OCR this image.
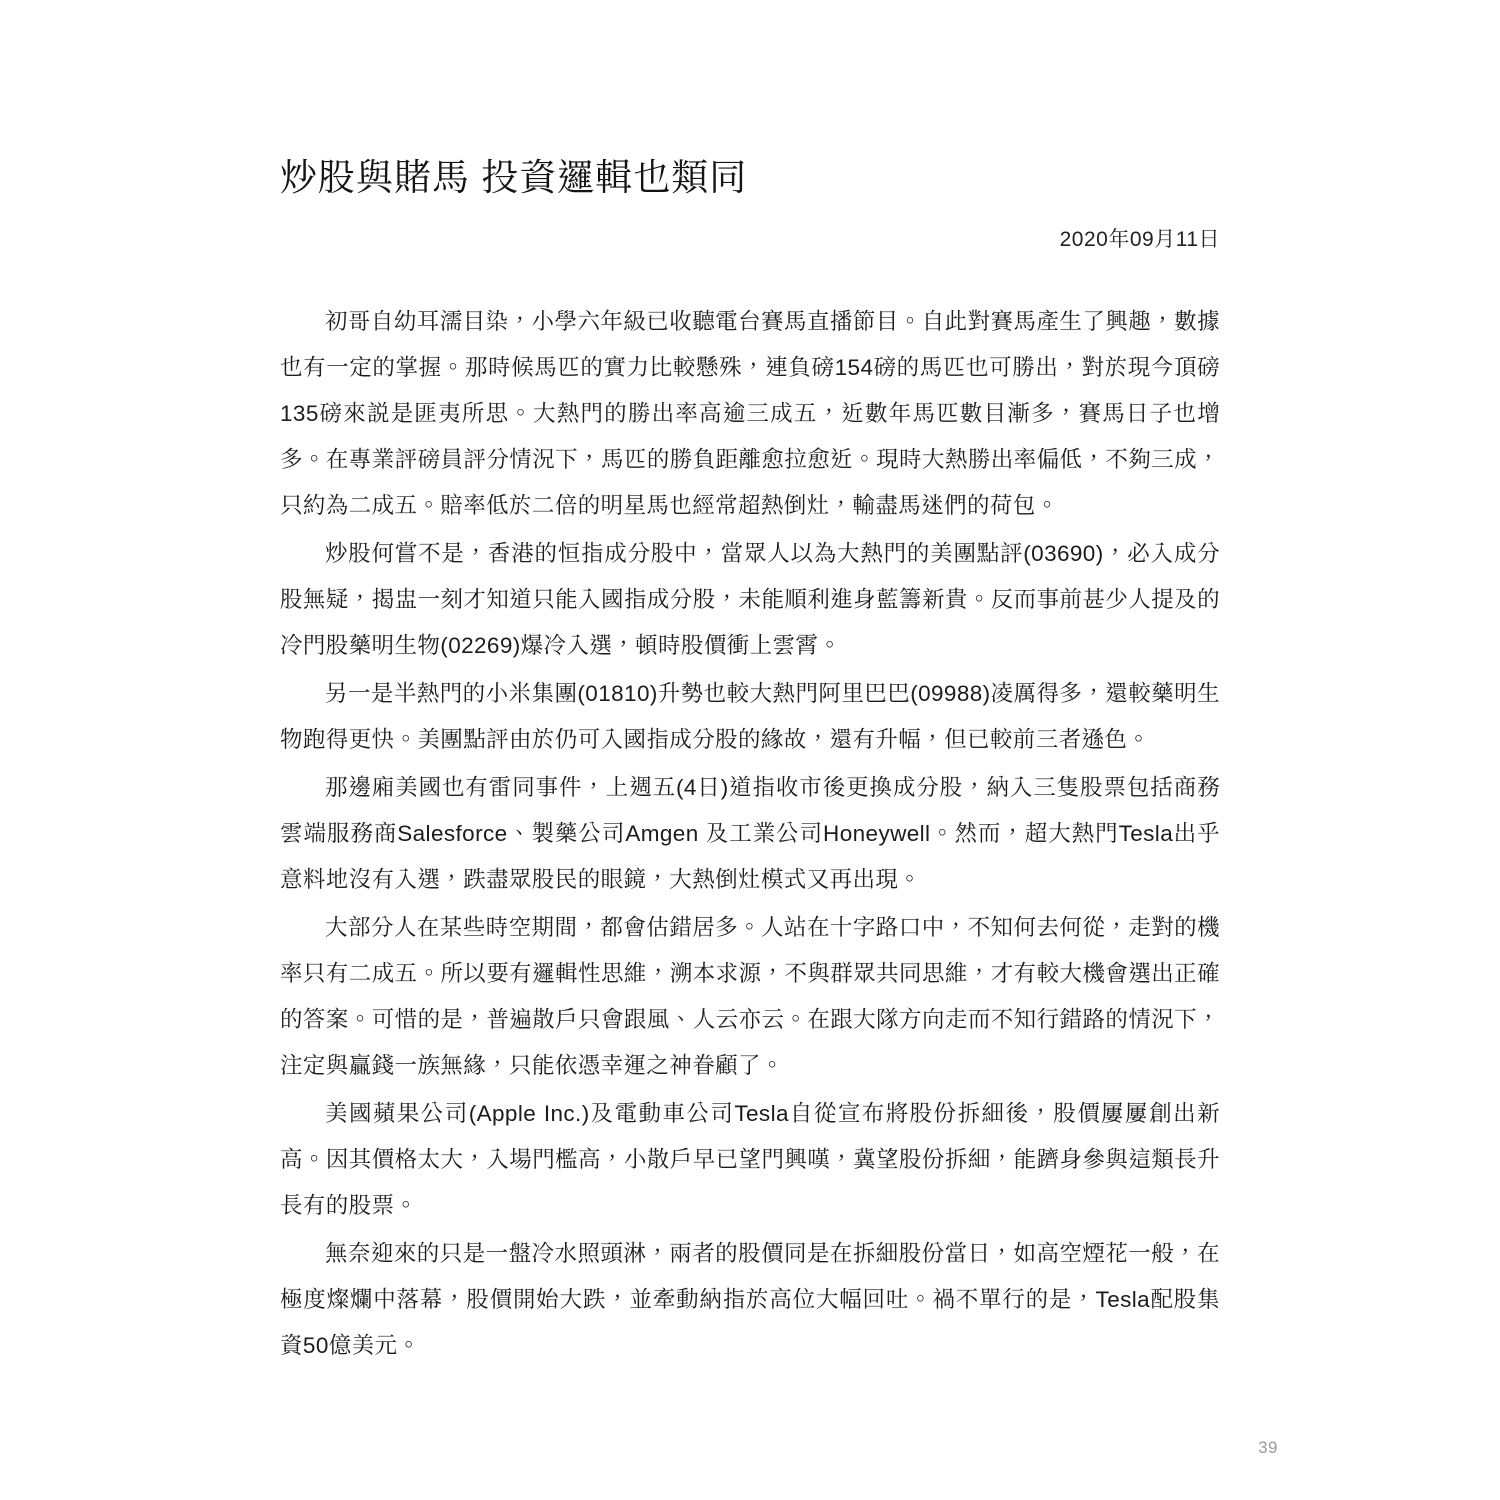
炒股與賭馬 投資邏輯也類同
2020年09月11日

初哥自幼耳濡目染，小學六年級已收聽電台賽馬直播節目。自此對賽馬產生了興趣，數據也有一定的掌握。那時候馬匹的實力比較懸殊，連負磅154磅的馬匹也可勝出，對於現今頂磅135磅來説是匪夷所思。大熱門的勝出率高逾三成五，近數年馬匹數目漸多，賽馬日子也增多。在專業評磅員評分情況下，馬匹的勝負距離愈拉愈近。現時大熱勝出率偏低，不夠三成，只約為二成五。賠率低於二倍的明星馬也經常超熱倒灶，輸盡馬迷們的荷包。

炒股何嘗不是，香港的恒指成分股中，當眾人以為大熱門的美團點評(03690)，必入成分股無疑，揭盅一刻才知道只能入國指成分股，未能順利進身藍籌新貴。反而事前甚少人提及的冷門股藥明生物(02269)爆冷入選，頓時股價衝上雲霄。

另一是半熱門的小米集團(01810)升勢也較大熱門阿里巴巴(09988)凌厲得多，還較藥明生物跑得更快。美團點評由於仍可入國指成分股的緣故，還有升幅，但已較前三者遜色。

那邊廂美國也有雷同事件，上週五(4日)道指收市後更換成分股，納入三隻股票包括商務雲端服務商Salesforce、製藥公司Amgen 及工業公司Honeywell。然而，超大熱門Tesla出乎意料地沒有入選，跌盡眾股民的眼鏡，大熱倒灶模式又再出現。

大部分人在某些時空期間，都會估錯居多。人站在十字路口中，不知何去何從，走對的機率只有二成五。所以要有邏輯性思維，溯本求源，不與群眾共同思維，才有較大機會選出正確的答案。可惜的是，普遍散戶只會跟風、人云亦云。在跟大隊方向走而不知行錯路的情況下，注定與贏錢一族無緣，只能依憑幸運之神眷顧了。

美國蘋果公司(Apple Inc.)及電動車公司Tesla自從宣布將股份拆細後，股價屢屢創出新高。因其價格太大，入場門檻高，小散戶早已望門興嘆，冀望股份拆細，能躋身參與這類長升長有的股票。

無奈迎來的只是一盤冷水照頭淋，兩者的股價同是在拆細股份當日，如高空煙花一般，在極度燦爛中落幕，股價開始大跌，並牽動納指於高位大幅回吐。禍不單行的是，Tesla配股集資50億美元。

39
